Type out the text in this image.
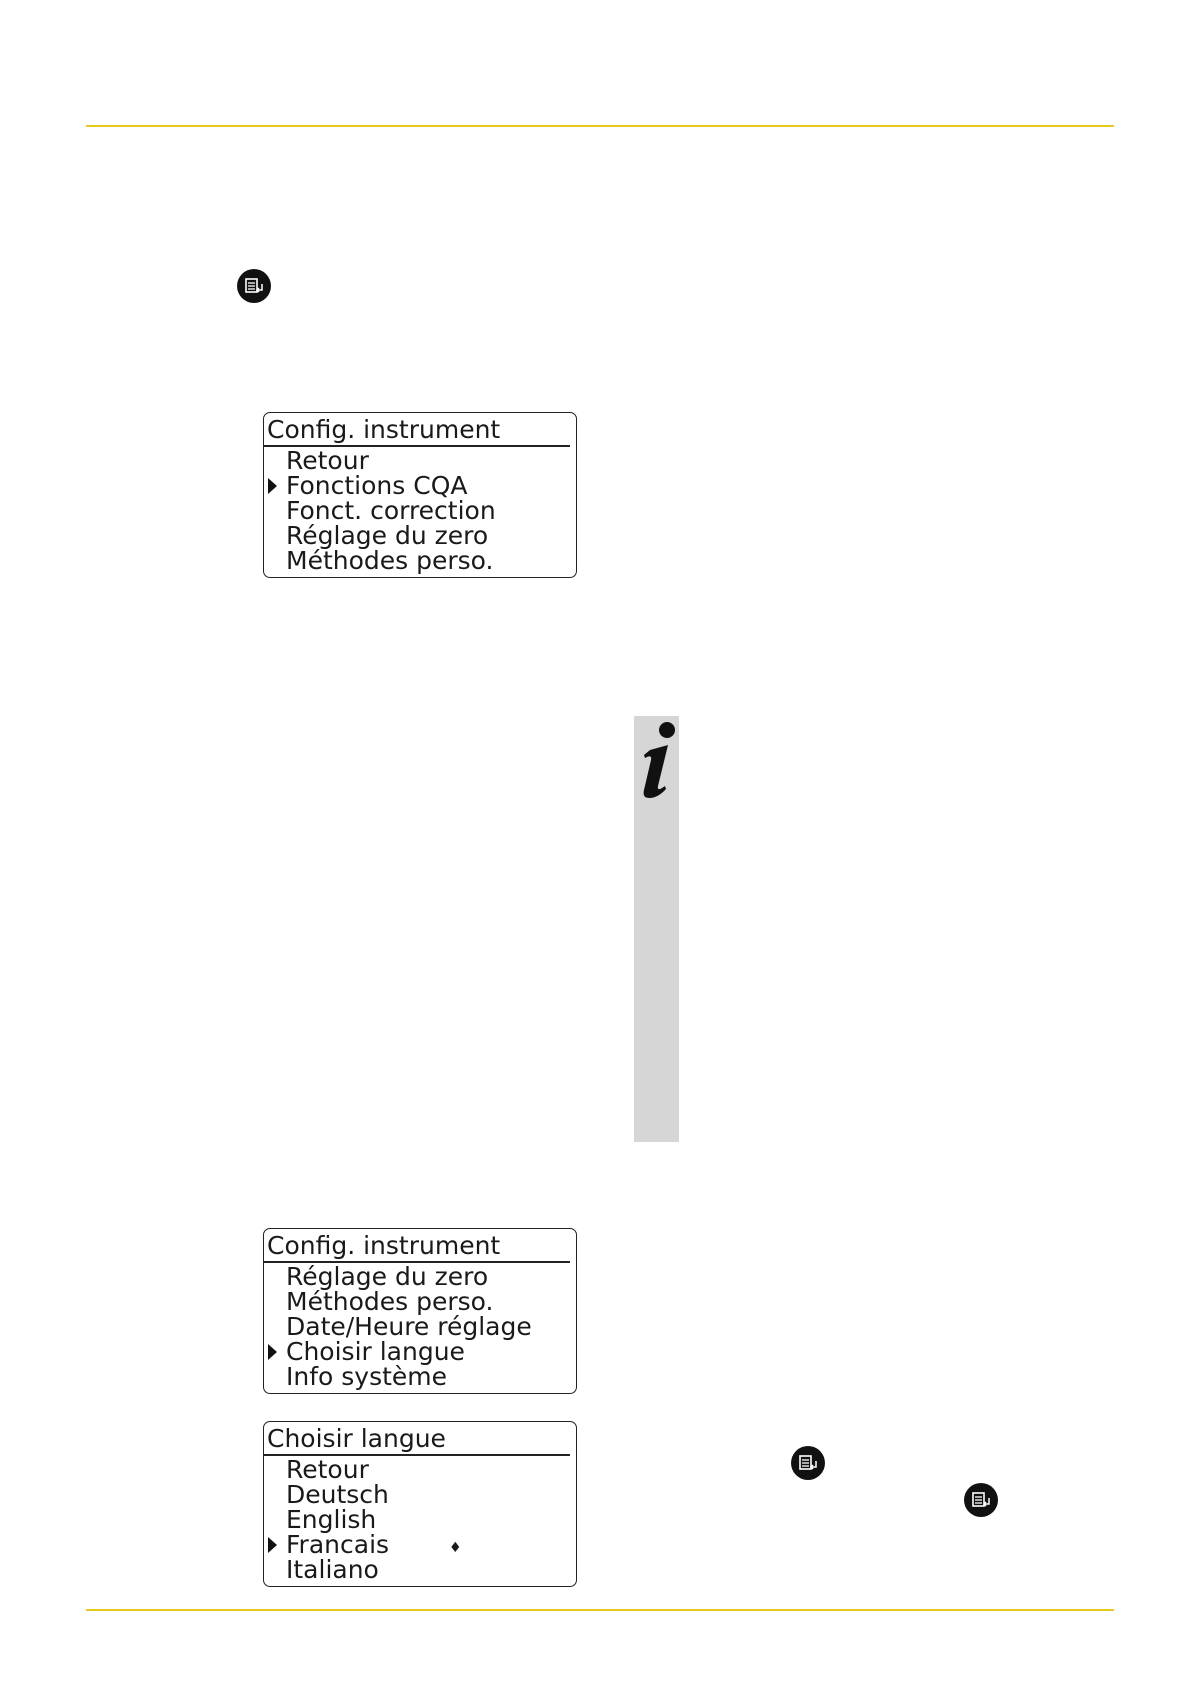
Config. instrument
Retour
Fonctions CQA
Fonct. correction
Réglage du zero
Méthodes perso.
Config. instrument
Réglage du zero
Méthodes perso.
Date/Heure réglage
Choisir langue
Info système
Choisir langue
Retour
Deutsch
English
Francais	♦
Italiano
